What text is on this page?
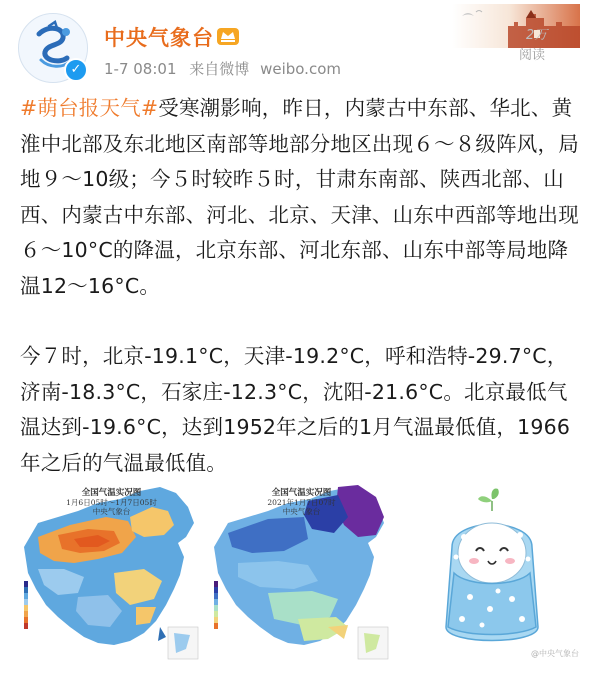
✓
中央气象台
1-7 08:01 来自微博 weibo.com
2万
阅读

#萌台报天气#受寒潮影响，昨日，内蒙古中东部、华北、黄淮中北部及东北地区南部等地部分地区出现６～８级阵风，局地９～10级；今５时较昨５时，甘肃东南部、陕西北部、山西、内蒙古中东部、河北、北京、天津、山东中西部等地出现６～10°C的降温，北京东部、河北东部、山东中部等局地降温12～16°C。

今７时，北京-19.1°C，天津-19.2°C，呼和浩特-29.7°C，济南-18.3°C，石家庄-12.3°C，沈阳-21.6°C。北京最低气温达到-19.6°C，达到1952年之后的1月气温最低值，1966年之后的气温最低值。

全国气温实况图
1月6日05时～1月7日05时
中央气象台
全国气温实况图
2021年1月7日07时
中央气象台
@中央气象台
